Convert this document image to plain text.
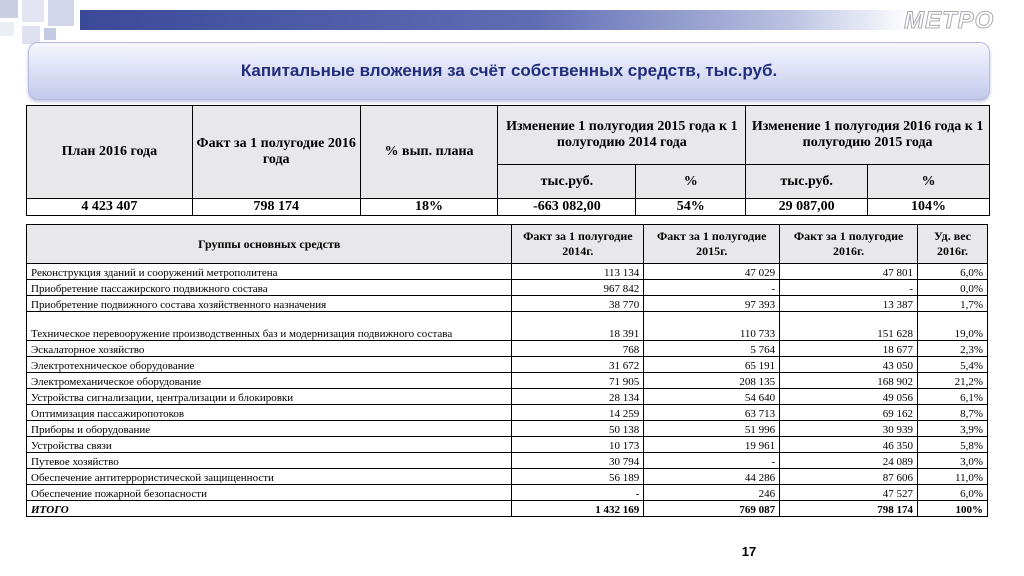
МЕТРО
Капитальные вложения за счёт собственных средств, тыс.руб.
План 2016 года	Факт за 1 полугодие 2016 года	% вып. плана	Изменение 1 полугодия 2015 года к 1 полугодию 2014 года		Изменение 1 полугодия 2016 года к 1 полугодию 2015 года	
			тыс.руб.	%	тыс.руб.	%
4 423 407	798 174	18%	-663 082,00	54%	29 087,00	104%
Группы основных средств	Факт за 1 полугодие 2014г.	Факт за 1 полугодие 2015г.	Факт за 1 полугодие 2016г.	Уд. вес 2016г.
Реконструкция зданий и сооружений метрополитена	113 134	47 029	47 801	6,0%
Приобретение пассажирского подвижного состава	967 842	-	-	0,0%
Приобретение подвижного состава хозяйственного назначения	38 770	97 393	13 387	1,7%
Техническое перевооружение производственных баз и модернизация подвижного состава	18 391	110 733	151 628	19,0%
Эскалаторное хозяйство	768	5 764	18 677	2,3%
Электротехническое оборудование	31 672	65 191	43 050	5,4%
Электромеханическое оборудование	71 905	208 135	168 902	21,2%
Устройства сигнализации, централизации и блокировки	28 134	54 640	49 056	6,1%
Оптимизация пассажиропотоков	14 259	63 713	69 162	8,7%
Приборы и оборудование	50 138	51 996	30 939	3,9%
Устройства связи	10 173	19 961	46 350	5,8%
Путевое хозяйство	30 794	-	24 089	3,0%
Обеспечение антитеррористической защищенности	56 189	44 286	87 606	11,0%
Обеспечение пожарной безопасности	-	246	47 527	6,0%
ИТОГО	1 432 169	769 087	798 174	100%
17
